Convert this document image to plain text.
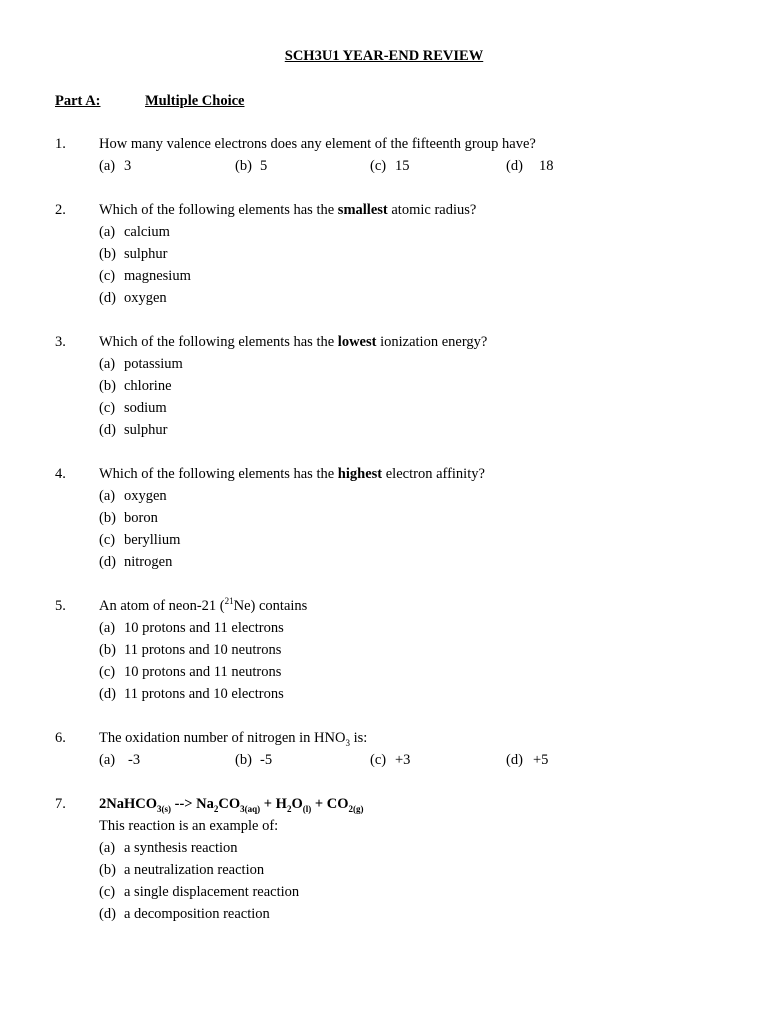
SCH3U1 YEAR-END REVIEW
Part A:	Multiple Choice
1. How many valence electrons does any element of the fifteenth group have?
(a) 3	(b) 5	(c) 15	(d) 18
2. Which of the following elements has the smallest atomic radius?
(a) calcium
(b) sulphur
(c) magnesium
(d) oxygen
3. Which of the following elements has the lowest ionization energy?
(a) potassium
(b) chlorine
(c) sodium
(d) sulphur
4. Which of the following elements has the highest electron affinity?
(a) oxygen
(b) boron
(c) beryllium
(d) nitrogen
5. An atom of neon-21 ($^{21}$Ne) contains
(a) 10 protons and 11 electrons
(b) 11 protons and 10 neutrons
(c) 10 protons and 11 neutrons
(d) 11 protons and 10 electrons
6. The oxidation number of nitrogen in $HNO_3$ is:
(a) -3	(b) -5	(c) +3	(d) +5
7. 2NaHCO$_{3(s)}$ --> $Na_2CO_{3(aq)} + H_2O_{(l)} + CO_{2(g)}$
This reaction is an example of:
(a) a synthesis reaction
(b) a neutralization reaction
(c) a single displacement reaction
(d) a decomposition reaction
